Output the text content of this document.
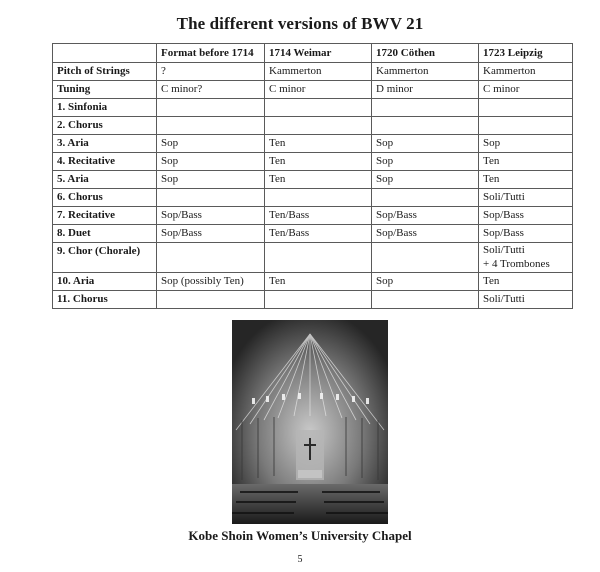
The different versions of BWV 21
	Format before 1714	1714 Weimar	1720 Cöthen	1723 Leipzig
Pitch of Strings	?	Kammerton	Kammerton	Kammerton
Tuning	C minor?	C minor	D minor	C minor
1. Sinfonia				
2. Chorus				
3. Aria	Sop	Ten	Sop	Sop
4. Recitative	Sop	Ten	Sop	Ten
5. Aria	Sop	Ten	Sop	Ten
6. Chorus				Soli/Tutti
7. Recitative	Sop/Bass	Ten/Bass	Sop/Bass	Sop/Bass
8. Duet	Sop/Bass	Ten/Bass	Sop/Bass	Sop/Bass
9. Chor (Chorale)				Soli/Tutti
+ 4 Trombones
10. Aria	Sop (possibly Ten)	Ten	Sop	Ten
11. Chorus				Soli/Tutti
Kobe Shoin Women’s University Chapel
5
